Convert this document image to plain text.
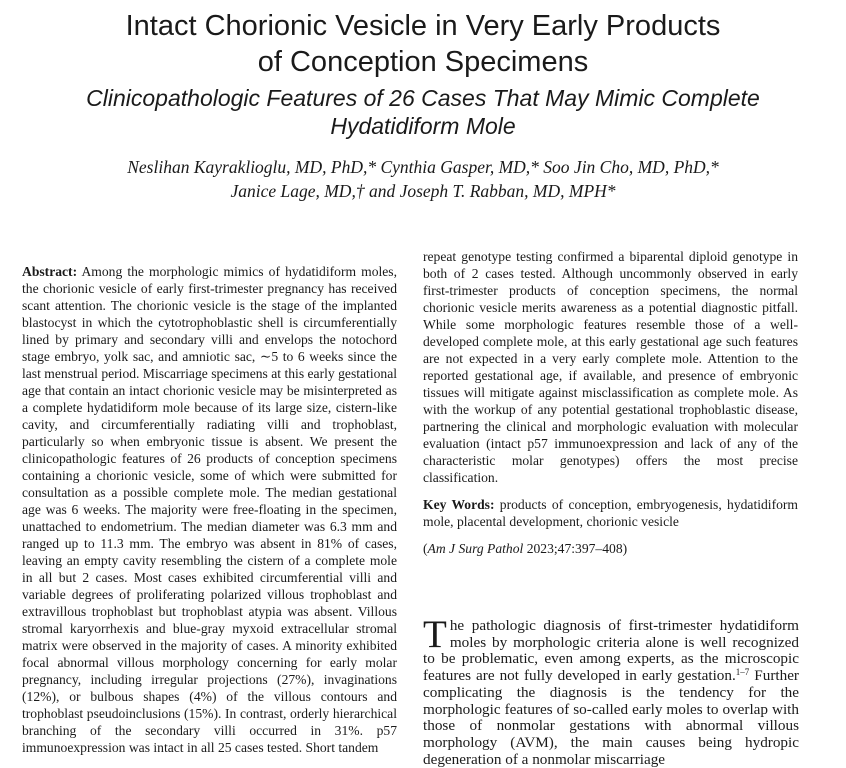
Intact Chorionic Vesicle in Very Early Products
of Conception Specimens
Clinicopathologic Features of 26 Cases That May Mimic Complete
Hydatidiform Mole
Neslihan Kayraklioglu, MD, PhD,* Cynthia Gasper, MD,* Soo Jin Cho, MD, PhD,*
Janice Lage, MD,† and Joseph T. Rabban, MD, MPH*

Abstract: Among the morphologic mimics of hydatidiform moles, the chorionic vesicle of early first-trimester pregnancy has received scant attention. The chorionic vesicle is the stage of the implanted blastocyst in which the cytotrophoblastic shell is circumferentially lined by primary and secondary villi and envelops the notochord stage embryo, yolk sac, and amniotic sac, ∼5 to 6 weeks since the last menstrual period. Miscarriage specimens at this early gestational age that contain an intact chorionic vesicle may be misinterpreted as a complete hydatidiform mole because of its large size, cistern-like cavity, and circumferentially radiating villi and trophoblast, particularly so when embryonic tissue is absent. We present the clinicopathologic features of 26 products of conception specimens containing a chorionic vesicle, some of which were submitted for consultation as a possible complete mole. The median gestational age was 6 weeks. The majority were free-floating in the specimen, unattached to endometrium. The median diameter was 6.3 mm and ranged up to 11.3 mm. The embryo was absent in 81% of cases, leaving an empty cavity resembling the cistern of a complete mole in all but 2 cases. Most cases exhibited circumferential villi and variable degrees of proliferating polarized villous trophoblast and extravillous trophoblast but trophoblast atypia was absent. Villous stromal karyorrhexis and blue-gray myxoid extracellular stromal matrix were observed in the majority of cases. A minority exhibited focal abnormal villous morphology concerning for early molar pregnancy, including irregular projections (27%), invaginations (12%), or bulbous shapes (4%) of the villous contours and trophoblast pseudoinclusions (15%). In contrast, orderly hierarchical branching of the secondary villi occurred in 31%. p57 immunoexpression was intact in all 25 cases tested. Short tandem

repeat genotype testing confirmed a biparental diploid genotype in both of 2 cases tested. Although uncommonly observed in early first-trimester products of conception specimens, the normal chorionic vesicle merits awareness as a potential diagnostic pitfall. While some morphologic features resemble those of a well-developed complete mole, at this early gestational age such features are not expected in a very early complete mole. Attention to the reported gestational age, if available, and presence of embryonic tissues will mitigate against misclassification as complete mole. As with the workup of any potential gestational trophoblastic disease, partnering the clinical and morphologic evaluation with molecular evaluation (intact p57 immunoexpression and lack of any of the characteristic molar genotypes) offers the most precise classification.

Key Words: products of conception, embryogenesis, hydatidiform mole, placental development, chorionic vesicle

(Am J Surg Pathol 2023;47:397–408)

The pathologic diagnosis of first-trimester hydatidiform moles by morphologic criteria alone is well recognized to be problematic, even among experts, as the microscopic features are not fully developed in early gestation.$^{1-7}$ Further complicating the diagnosis is the tendency for the morphologic features of so-called early moles to overlap with those of nonmolar gestations with abnormal villous morphology (AVM), the main causes being hydropic degeneration of a nonmolar miscarriage
